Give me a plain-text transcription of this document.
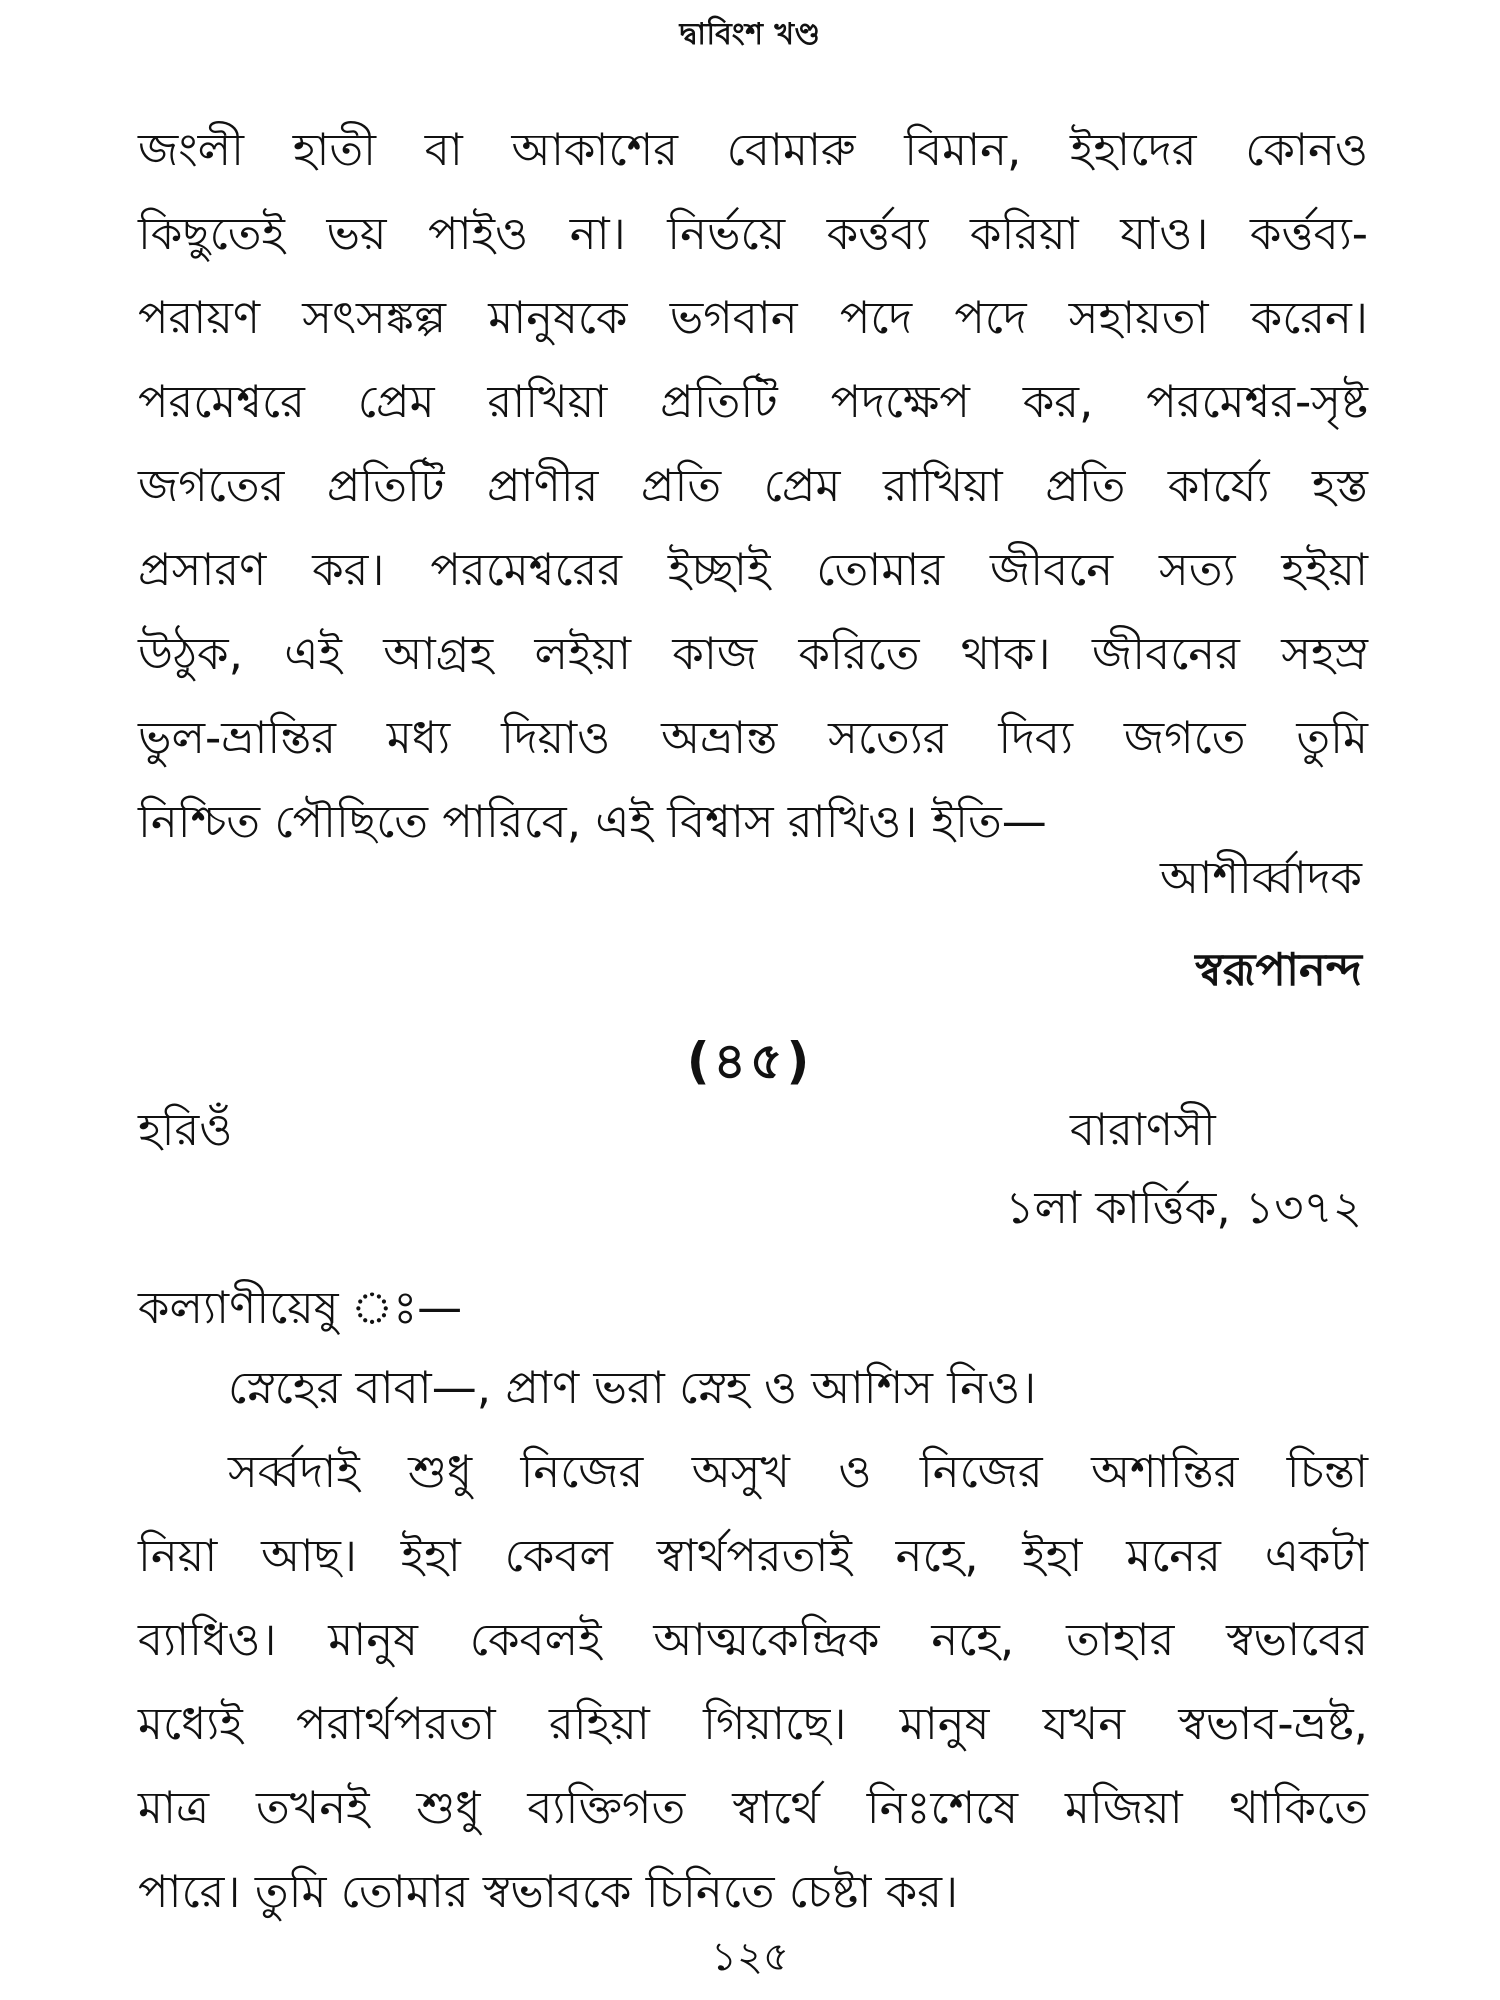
দ্বাবিংশ খণ্ড
জংলী হাতী বা আকাশের বোমারু বিমান, ইহাদের কোনও
কিছুতেই ভয় পাইও না। নির্ভয়ে কর্ত্তব্য করিয়া যাও। কর্ত্তব্য-
পরায়ণ সৎসঙ্কল্প মানুষকে ভগবান পদে পদে সহায়তা করেন।
পরমেশ্বরে প্রেম রাখিয়া প্রতিটি পদক্ষেপ কর, পরমেশ্বর-সৃষ্ট
জগতের প্রতিটি প্রাণীর প্রতি প্রেম রাখিয়া প্রতি কার্য্যে হস্ত
প্রসারণ কর। পরমেশ্বরের ইচ্ছাই তোমার জীবনে সত্য হইয়া
উঠুক, এই আগ্রহ লইয়া কাজ করিতে থাক। জীবনের সহস্র
ভুল-ভ্রান্তির মধ্য দিয়াও অভ্রান্ত সত্যের দিব্য জগতে তুমি
নিশ্চিত পৌছিতে পারিবে, এই বিশ্বাস রাখিও। ইতি—
আশীর্ব্বাদক
স্বরূপানন্দ
(৪৫)
হরিওঁ	বারাণসী
১লা কার্ত্তিক, ১৩৭২
কল্যাণীয়েষু ঃ—
স্নেহের বাবা—, প্রাণ ভরা স্নেহ ও আশিস নিও।
সর্ব্বদাই শুধু নিজের অসুখ ও নিজের অশান্তির চিন্তা
নিয়া আছ। ইহা কেবল স্বার্থপরতাই নহে, ইহা মনের একটা
ব্যাধিও। মানুষ কেবলই আত্মকেন্দ্রিক নহে, তাহার স্বভাবের
মধ্যেই পরার্থপরতা রহিয়া গিয়াছে। মানুষ যখন স্বভাব-ভ্রষ্ট,
মাত্র তখনই শুধু ব্যক্তিগত স্বার্থে নিঃশেষে মজিয়া থাকিতে
পারে। তুমি তোমার স্বভাবকে চিনিতে চেষ্টা কর।
১২৫
